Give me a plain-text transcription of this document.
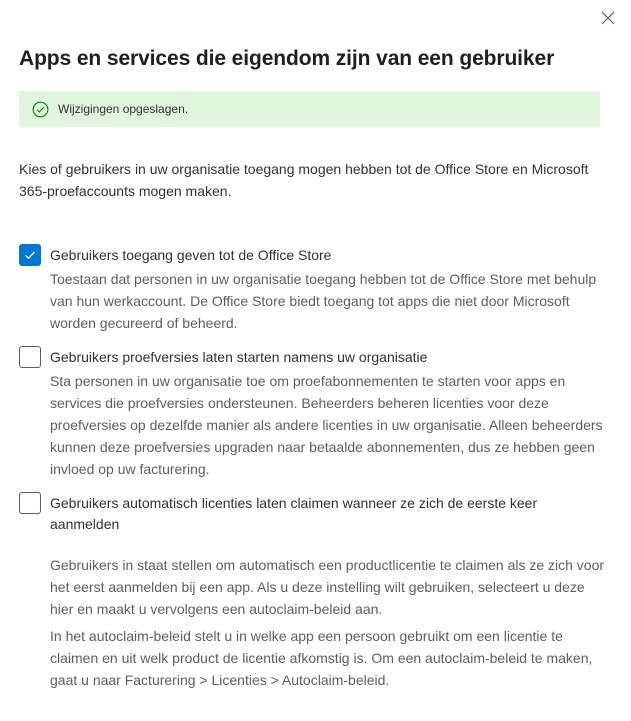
Apps en services die eigendom zijn van een gebruiker
Wijzigingen opgeslagen.

Kies of gebruikers in uw organisatie toegang mogen hebben tot de Office Store en Microsoft 365-proefaccounts mogen maken.

Gebruikers toegang geven tot de Office Store

Toestaan dat personen in uw organisatie toegang hebben tot de Office Store met behulp van hun werkaccount. De Office Store biedt toegang tot apps die niet door Microsoft worden gecureerd of beheerd.

Gebruikers proefversies laten starten namens uw organisatie

Sta personen in uw organisatie toe om proefabonnementen te starten voor apps en services die proefversies ondersteunen. Beheerders beheren licenties voor deze proefversies op dezelfde manier als andere licenties in uw organisatie. Alleen beheerders kunnen deze proefversies upgraden naar betaalde abonnementen, dus ze hebben geen invloed op uw facturering.

Gebruikers automatisch licenties laten claimen wanneer ze zich de eerste keer aanmelden

Gebruikers in staat stellen om automatisch een productlicentie te claimen als ze zich voor het eerst aanmelden bij een app. Als u deze instelling wilt gebruiken, selecteert u deze hier en maakt u vervolgens een autoclaim-beleid aan.

In het autoclaim-beleid stelt u in welke app een persoon gebruikt om een licentie te claimen en uit welk product de licentie afkomstig is. Om een autoclaim-beleid te maken, gaat u naar Facturering > Licenties > Autoclaim-beleid.
